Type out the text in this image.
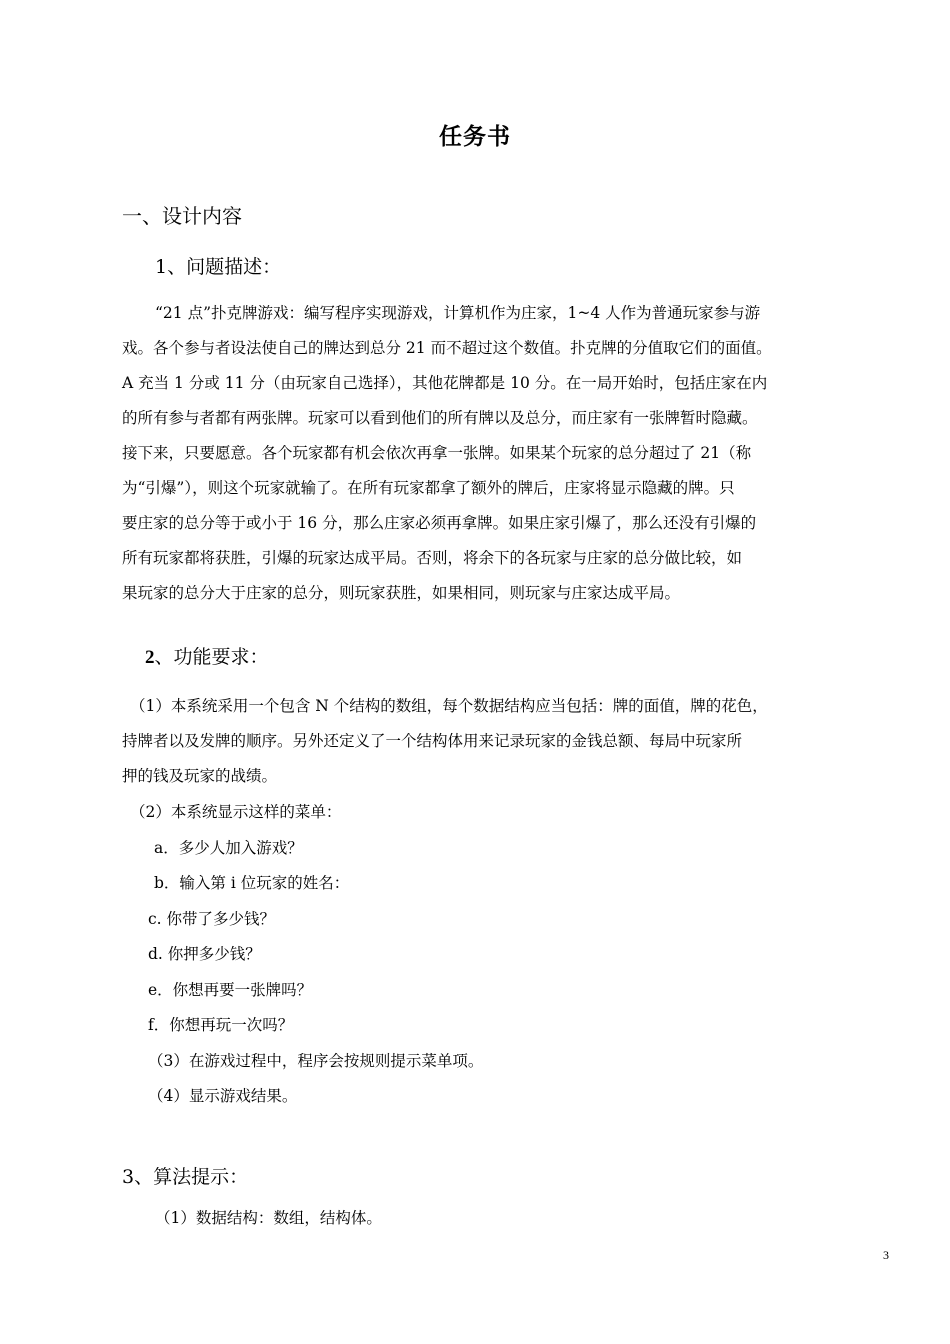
任务书
一、设计内容
1、问题描述：

“21 点”扑克牌游戏：编写程序实现游戏，计算机作为庄家，1~4 人作为普通玩家参与游

戏。各个参与者设法使自己的牌达到总分 21 而不超过这个数值。扑克牌的分值取它们的面值。

A 充当 1 分或 11 分（由玩家自己选择），其他花牌都是 10 分。在一局开始时，包括庄家在内

的所有参与者都有两张牌。玩家可以看到他们的所有牌以及总分，而庄家有一张牌暂时隐藏。

接下来，只要愿意。各个玩家都有机会依次再拿一张牌。如果某个玩家的总分超过了 21（称

为“引爆”），则这个玩家就输了。在所有玩家都拿了额外的牌后，庄家将显示隐藏的牌。只

要庄家的总分等于或小于 16 分，那么庄家必须再拿牌。如果庄家引爆了，那么还没有引爆的

所有玩家都将获胜，引爆的玩家达成平局。否则，将余下的各玩家与庄家的总分做比较，如

果玩家的总分大于庄家的总分，则玩家获胜，如果相同，则玩家与庄家达成平局。

2、功能要求：

（1）本系统采用一个包含 N 个结构的数组，每个数据结构应当包括：牌的面值，牌的花色，

持牌者以及发牌的顺序。另外还定义了一个结构体用来记录玩家的金钱总额、每局中玩家所

押的钱及玩家的战绩。

（2）本系统显示这样的菜单：

a．多少人加入游戏？

b．输入第 i 位玩家的姓名：

c. 你带了多少钱？

d. 你押多少钱？

e．你想再要一张牌吗？

f．你想再玩一次吗？

（3）在游戏过程中，程序会按规则提示菜单项。

（4）显示游戏结果。

3、算法提示：
（1）数据结构：数组，结构体。
3
